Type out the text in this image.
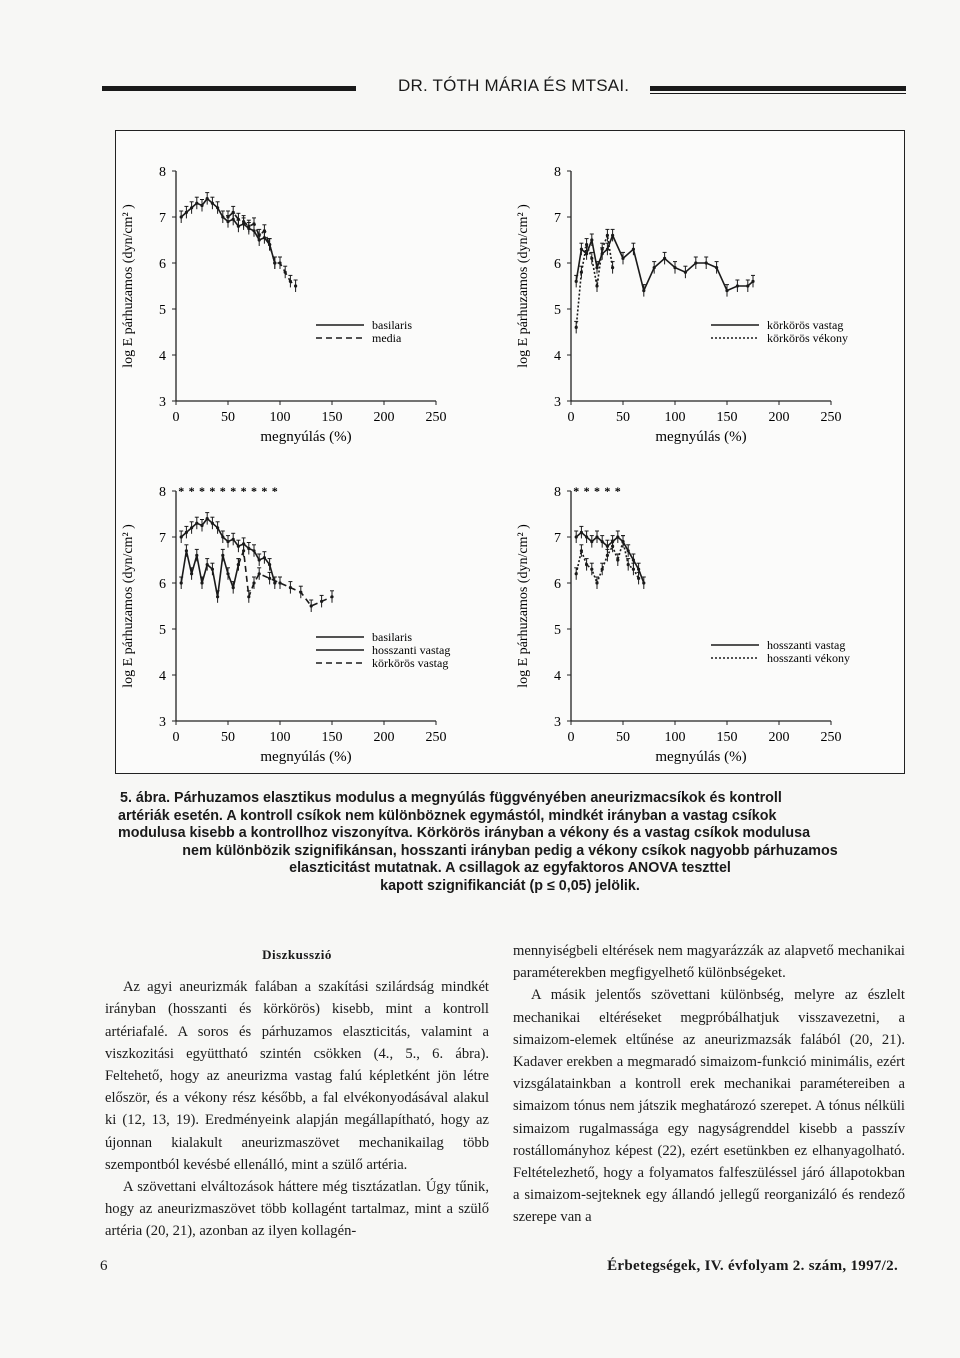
DR. TÓTH MÁRIA ÉS MTSAI.
3
4
5
6
7
8
0	50 100 150 200 250
megnyúlás (%)
log E párhuzamos (dyn/cm² )	basilaris
media
3
4
5
6
7
8
0	50 100 150 200 250
megnyúlás (%)
log E párhuzamos (dyn/cm² )	körkörös vastag
körkörös vékony
3
4
5
6
7
8
0	50 100 150 200 250
megnyúlás (%)
log E párhuzamos (dyn/cm² )
* * * * * * * * * *
basilaris
hosszanti vastag
körkörös vastag
3
4
5
6
7
8
0	50 100 150 200 250
megnyúlás (%)
log E párhuzamos (dyn/cm² )
* * * * *
hosszanti vastag
hosszanti vékony
5. ábra. Párhuzamos elasztikus modulus a megnyúlás függvényében aneurizmacsíkok és kontroll
artériák esetén. A kontroll csíkok nem különböznek egymástól, mindkét irányban a vastag csíkok
modulusa kisebb a kontrollhoz viszonyítva. Körkörös irányban a vékony és a vastag csíkok modulusa
nem különbözik szignifikánsan, hosszanti irányban pedig a vékony csíkok nagyobb párhuzamos
elaszticitást mutatnak. A csillagok az egyfaktoros ANOVA teszttel
kapott szignifikanciát (p ≤ 0,05) jelölik.

Diszkusszió

Az agyi aneurizmák falában a szakítási szilárdság mindkét irányban (hosszanti és körkörös) kisebb, mint a kontroll artériafalé. A soros és párhuzamos elaszticitás, valamint a viszkozitási együttható szintén csökken (4., 5., 6. ábra). Feltehető, hogy az aneurizma vastag falú képletként jön létre először, és a vékony rész később, a fal elvékonyodásával alakul ki (12, 13, 19). Eredményeink alapján megállapítható, hogy az újonnan kialakult aneurizmaszövet mechanikailag több szempontból kevésbé ellenálló, mint a szülő artéria.

A szövettani elváltozások háttere még tisztázatlan. Úgy tűnik, hogy az aneurizmaszövet több kollagént tartalmaz, mint a szülő artéria (20, 21), azonban az ilyen kollagén-

mennyiségbeli eltérések nem magyarázzák az alapvető mechanikai paraméterekben megfigyelhető különbségeket.

A másik jelentős szövettani különbség, melyre az észlelt mechanikai eltéréseket megpróbálhatjuk visszavezetni, a simaizom-elemek eltűnése az aneurizmazsák falából (20, 21). Kadaver erekben a megmaradó simaizom-funkció minimális, ezért vizsgálatainkban a kontroll erek mechanikai paramétereiben a simaizom tónus nem játszik meghatározó szerepet. A tónus nélküli simaizom rugalmassága egy nagyságrenddel kisebb a passzív rostállományhoz képest (22), ezért esetünkben ez elhanyagolható. Feltételezhető, hogy a folyamatos falfeszüléssel járó állapotokban a simaizom-sejteknek egy állandó jellegű reorganizáló és rendező szerepe van a

6	Érbetegségek, IV. évfolyam 2. szám, 1997/2.
